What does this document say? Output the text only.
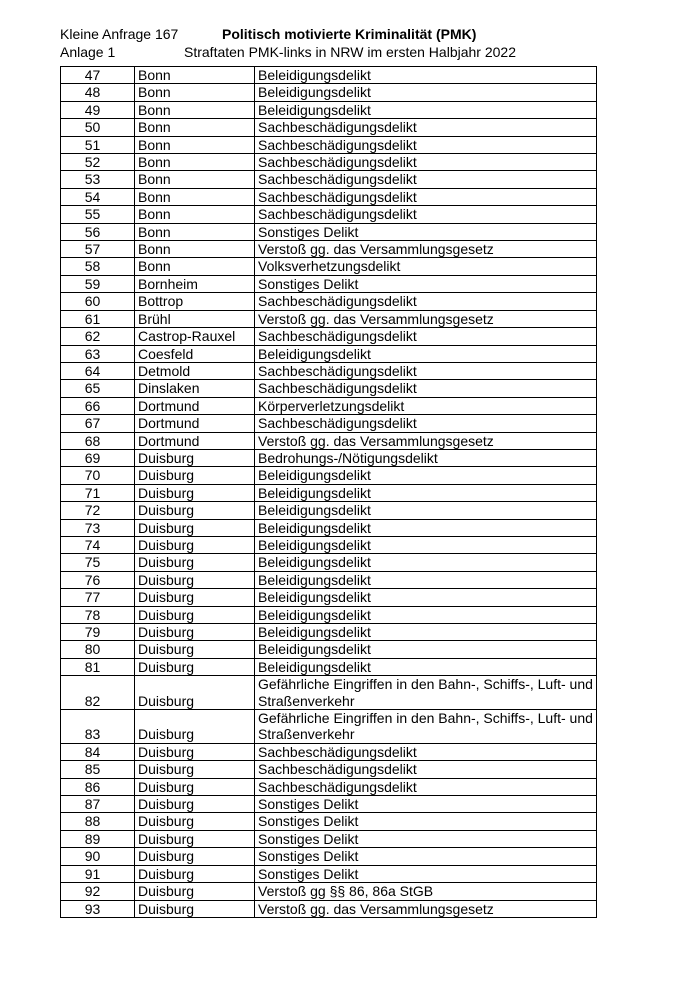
Kleine Anfrage 167
Anlage 1
Politisch motivierte Kriminalität (PMK)
Straftaten PMK-links in NRW im ersten Halbjahr 2022
47	Bonn	Beleidigungsdelikt
48	Bonn	Beleidigungsdelikt
49	Bonn	Beleidigungsdelikt
50	Bonn	Sachbeschädigungsdelikt
51	Bonn	Sachbeschädigungsdelikt
52	Bonn	Sachbeschädigungsdelikt
53	Bonn	Sachbeschädigungsdelikt
54	Bonn	Sachbeschädigungsdelikt
55	Bonn	Sachbeschädigungsdelikt
56	Bonn	Sonstiges Delikt
57	Bonn	Verstoß gg. das Versammlungsgesetz
58	Bonn	Volksverhetzungsdelikt
59	Bornheim	Sonstiges Delikt
60	Bottrop	Sachbeschädigungsdelikt
61	Brühl	Verstoß gg. das Versammlungsgesetz
62	Castrop-Rauxel	Sachbeschädigungsdelikt
63	Coesfeld	Beleidigungsdelikt
64	Detmold	Sachbeschädigungsdelikt
65	Dinslaken	Sachbeschädigungsdelikt
66	Dortmund	Körperverletzungsdelikt
67	Dortmund	Sachbeschädigungsdelikt
68	Dortmund	Verstoß gg. das Versammlungsgesetz
69	Duisburg	Bedrohungs-/Nötigungsdelikt
70	Duisburg	Beleidigungsdelikt
71	Duisburg	Beleidigungsdelikt
72	Duisburg	Beleidigungsdelikt
73	Duisburg	Beleidigungsdelikt
74	Duisburg	Beleidigungsdelikt
75	Duisburg	Beleidigungsdelikt
76	Duisburg	Beleidigungsdelikt
77	Duisburg	Beleidigungsdelikt
78	Duisburg	Beleidigungsdelikt
79	Duisburg	Beleidigungsdelikt
80	Duisburg	Beleidigungsdelikt
81	Duisburg	Beleidigungsdelikt
82	Duisburg	Gefährliche Eingriffen in den Bahn-, Schiffs-, Luft- und Straßenverkehr
83	Duisburg	Gefährliche Eingriffen in den Bahn-, Schiffs-, Luft- und Straßenverkehr
84	Duisburg	Sachbeschädigungsdelikt
85	Duisburg	Sachbeschädigungsdelikt
86	Duisburg	Sachbeschädigungsdelikt
87	Duisburg	Sonstiges Delikt
88	Duisburg	Sonstiges Delikt
89	Duisburg	Sonstiges Delikt
90	Duisburg	Sonstiges Delikt
91	Duisburg	Sonstiges Delikt
92	Duisburg	Verstoß gg §§ 86, 86a StGB
93	Duisburg	Verstoß gg. das Versammlungsgesetz
